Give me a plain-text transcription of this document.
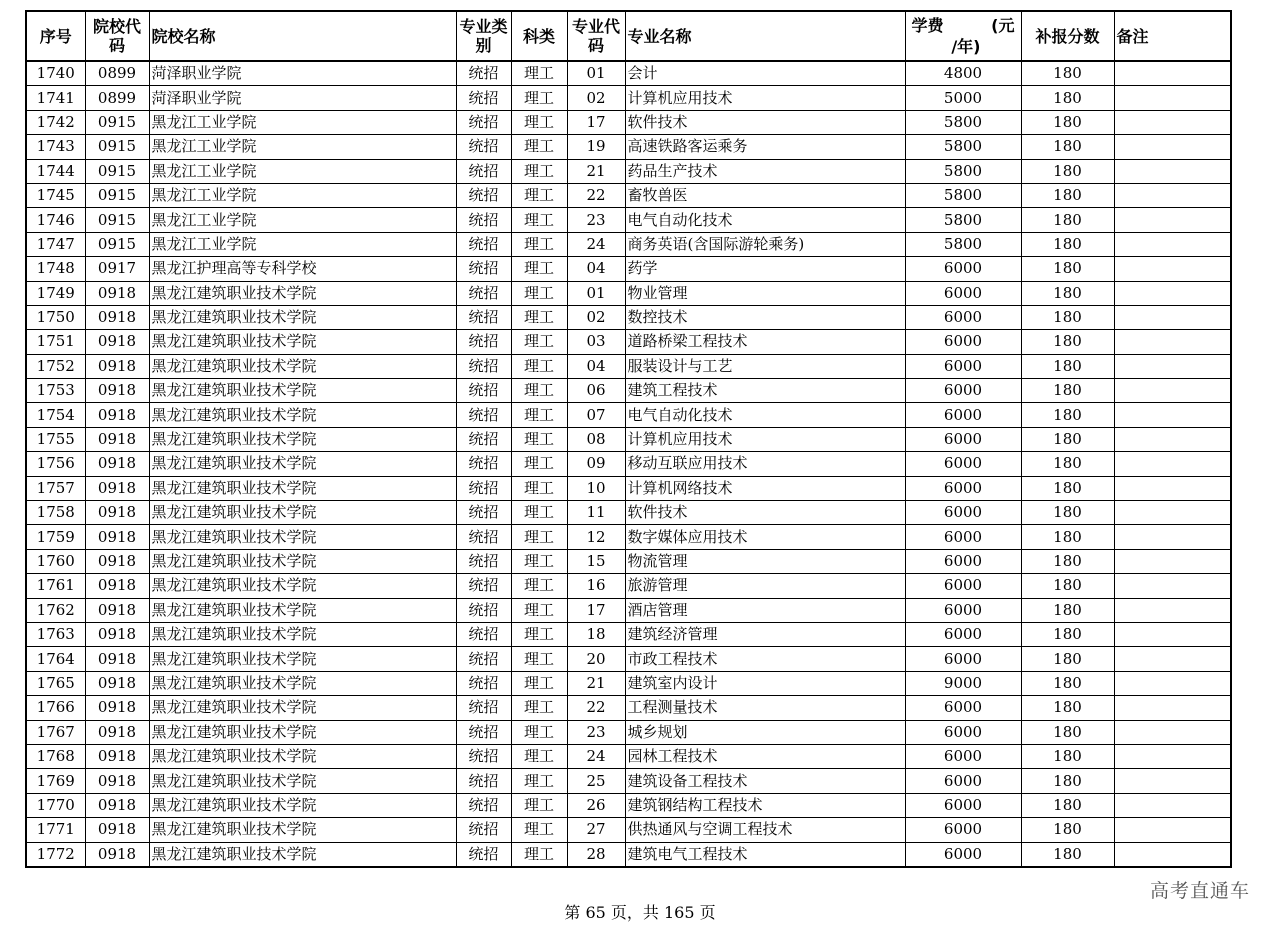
序号	院校代码	院校名称	专业类别	科类	专业代码	专业名称	学费 (元
/年)	补报分数	备注
1740	0899	菏泽职业学院	统招	理工	01	会计	4800	180	
1741	0899	菏泽职业学院	统招	理工	02	计算机应用技术	5000	180	
1742	0915	黑龙江工业学院	统招	理工	17	软件技术	5800	180	
1743	0915	黑龙江工业学院	统招	理工	19	高速铁路客运乘务	5800	180	
1744	0915	黑龙江工业学院	统招	理工	21	药品生产技术	5800	180	
1745	0915	黑龙江工业学院	统招	理工	22	畜牧兽医	5800	180	
1746	0915	黑龙江工业学院	统招	理工	23	电气自动化技术	5800	180	
1747	0915	黑龙江工业学院	统招	理工	24	商务英语(含国际游轮乘务)	5800	180	
1748	0917	黑龙江护理高等专科学校	统招	理工	04	药学	6000	180	
1749	0918	黑龙江建筑职业技术学院	统招	理工	01	物业管理	6000	180	
1750	0918	黑龙江建筑职业技术学院	统招	理工	02	数控技术	6000	180	
1751	0918	黑龙江建筑职业技术学院	统招	理工	03	道路桥梁工程技术	6000	180	
1752	0918	黑龙江建筑职业技术学院	统招	理工	04	服装设计与工艺	6000	180	
1753	0918	黑龙江建筑职业技术学院	统招	理工	06	建筑工程技术	6000	180	
1754	0918	黑龙江建筑职业技术学院	统招	理工	07	电气自动化技术	6000	180	
1755	0918	黑龙江建筑职业技术学院	统招	理工	08	计算机应用技术	6000	180	
1756	0918	黑龙江建筑职业技术学院	统招	理工	09	移动互联应用技术	6000	180	
1757	0918	黑龙江建筑职业技术学院	统招	理工	10	计算机网络技术	6000	180	
1758	0918	黑龙江建筑职业技术学院	统招	理工	11	软件技术	6000	180	
1759	0918	黑龙江建筑职业技术学院	统招	理工	12	数字媒体应用技术	6000	180	
1760	0918	黑龙江建筑职业技术学院	统招	理工	15	物流管理	6000	180	
1761	0918	黑龙江建筑职业技术学院	统招	理工	16	旅游管理	6000	180	
1762	0918	黑龙江建筑职业技术学院	统招	理工	17	酒店管理	6000	180	
1763	0918	黑龙江建筑职业技术学院	统招	理工	18	建筑经济管理	6000	180	
1764	0918	黑龙江建筑职业技术学院	统招	理工	20	市政工程技术	6000	180	
1765	0918	黑龙江建筑职业技术学院	统招	理工	21	建筑室内设计	9000	180	
1766	0918	黑龙江建筑职业技术学院	统招	理工	22	工程测量技术	6000	180	
1767	0918	黑龙江建筑职业技术学院	统招	理工	23	城乡规划	6000	180	
1768	0918	黑龙江建筑职业技术学院	统招	理工	24	园林工程技术	6000	180	
1769	0918	黑龙江建筑职业技术学院	统招	理工	25	建筑设备工程技术	6000	180	
1770	0918	黑龙江建筑职业技术学院	统招	理工	26	建筑钢结构工程技术	6000	180	
1771	0918	黑龙江建筑职业技术学院	统招	理工	27	供热通风与空调工程技术	6000	180	
1772	0918	黑龙江建筑职业技术学院	统招	理工	28	建筑电气工程技术	6000	180	
第 65 页，共 165 页
高考直通车
